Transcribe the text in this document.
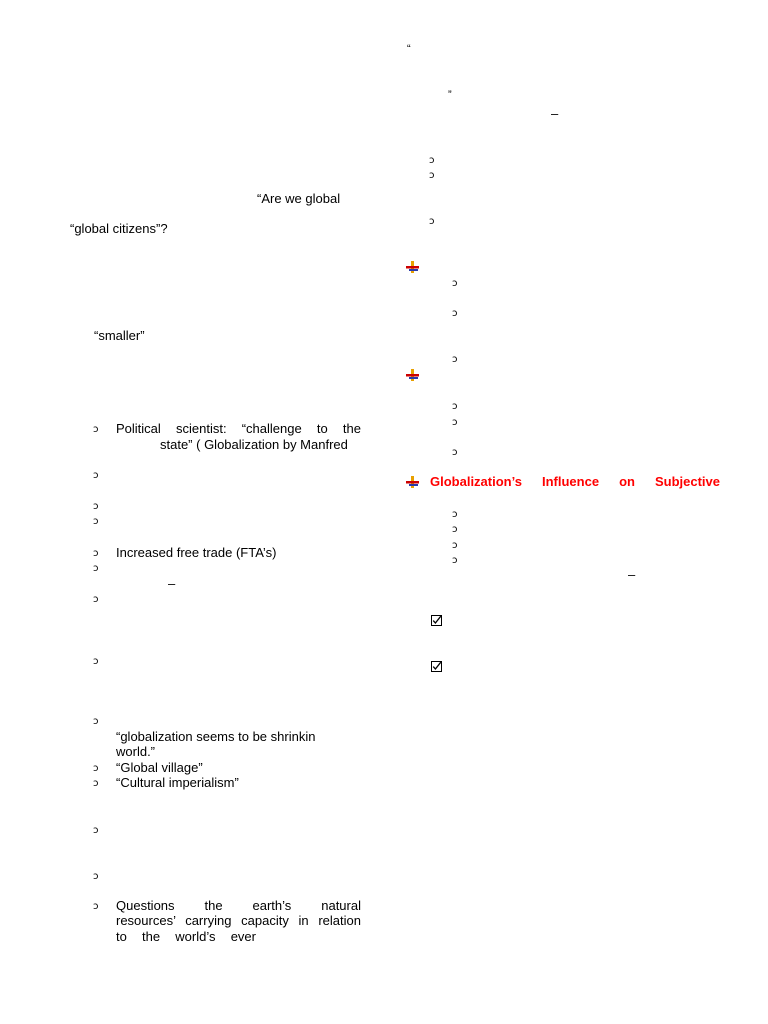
“Are we global
“global citizens”?
“smaller”
ↄ Political scientist: “challenge to the
state” ( Globalization by Manfred
ↄ
ↄ
ↄ
ↄ Increased free trade (FTA’s)
ↄ
–
ↄ
ↄ
ↄ
“globalization seems to be shrinkin
world.”
ↄ “Global village”
ↄ “Cultural imperialism”
ↄ
ↄ
ↄ Questions the earth’s natural
resources’ carrying capacity in relation
to the world’s ever
“
”
–
ↄ
ↄ
ↄ
ↄ
ↄ
ↄ
ↄ
ↄ
ↄ
Globalization’s Influence on Subjective
ↄ
ↄ
ↄ
ↄ
–
